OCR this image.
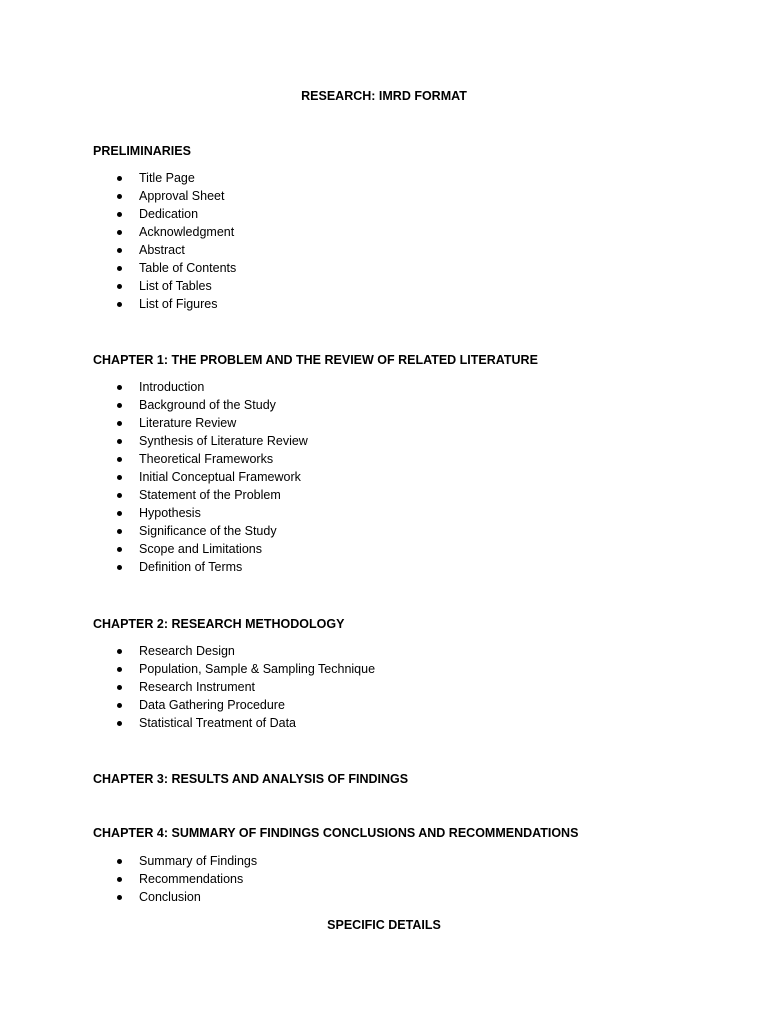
RESEARCH: IMRD FORMAT
PRELIMINARIES
Title Page
Approval Sheet
Dedication
Acknowledgment
Abstract
Table of Contents
List of Tables
List of Figures
CHAPTER 1: THE PROBLEM AND THE REVIEW OF RELATED LITERATURE
Introduction
Background of the Study
Literature Review
Synthesis of Literature Review
Theoretical Frameworks
Initial Conceptual Framework
Statement of the Problem
Hypothesis
Significance of the Study
Scope and Limitations
Definition of Terms
CHAPTER 2: RESEARCH METHODOLOGY
Research Design
Population, Sample & Sampling Technique
Research Instrument
Data Gathering Procedure
Statistical Treatment of Data
CHAPTER 3: RESULTS AND ANALYSIS OF FINDINGS
CHAPTER 4: SUMMARY OF FINDINGS CONCLUSIONS AND RECOMMENDATIONS
Summary of Findings
Recommendations
Conclusion
SPECIFIC DETAILS
